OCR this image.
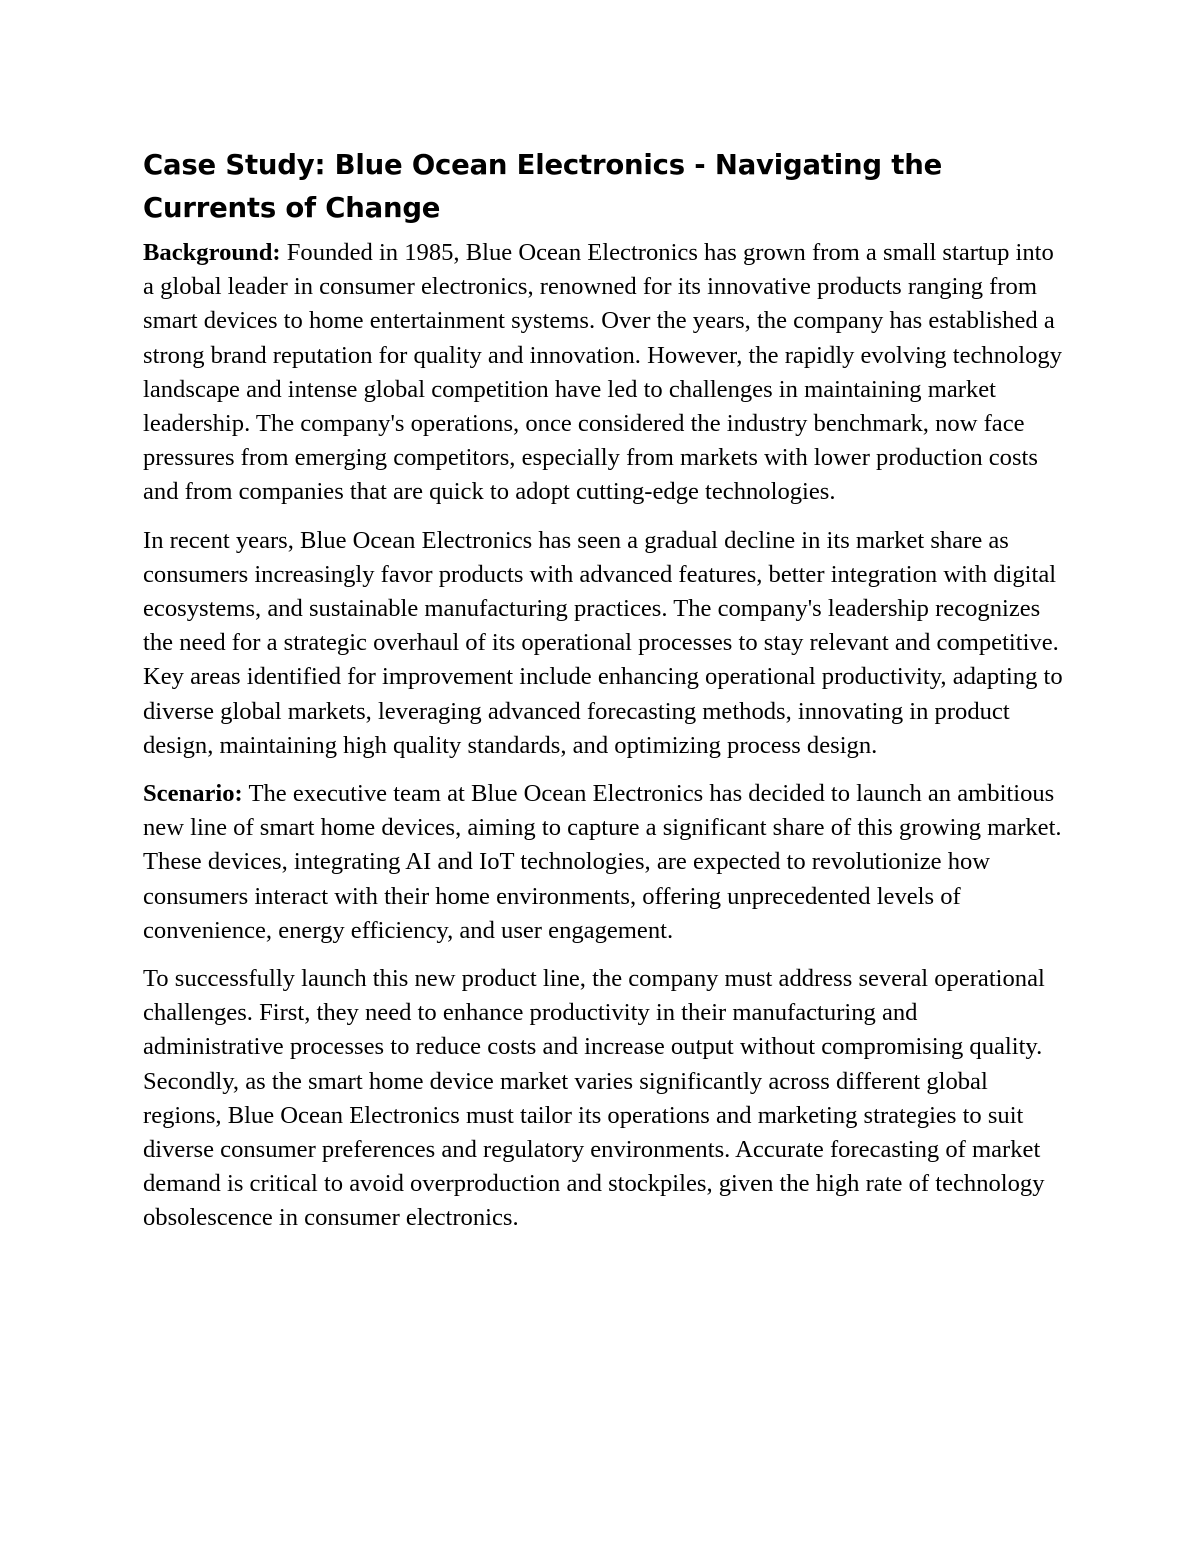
Case Study: Blue Ocean Electronics - Navigating the Currents of Change

Background: Founded in 1985, Blue Ocean Electronics has grown from a small startup into a global leader in consumer electronics, renowned for its innovative products ranging from smart devices to home entertainment systems. Over the years, the company has established a strong brand reputation for quality and innovation. However, the rapidly evolving technology landscape and intense global competition have led to challenges in maintaining market leadership. The company's operations, once considered the industry benchmark, now face pressures from emerging competitors, especially from markets with lower production costs and from companies that are quick to adopt cutting-edge technologies.

In recent years, Blue Ocean Electronics has seen a gradual decline in its market share as consumers increasingly favor products with advanced features, better integration with digital ecosystems, and sustainable manufacturing practices. The company's leadership recognizes the need for a strategic overhaul of its operational processes to stay relevant and competitive. Key areas identified for improvement include enhancing operational productivity, adapting to diverse global markets, leveraging advanced forecasting methods, innovating in product design, maintaining high quality standards, and optimizing process design.

Scenario: The executive team at Blue Ocean Electronics has decided to launch an ambitious new line of smart home devices, aiming to capture a significant share of this growing market. These devices, integrating AI and IoT technologies, are expected to revolutionize how consumers interact with their home environments, offering unprecedented levels of convenience, energy efficiency, and user engagement.

To successfully launch this new product line, the company must address several operational challenges. First, they need to enhance productivity in their manufacturing and administrative processes to reduce costs and increase output without compromising quality. Secondly, as the smart home device market varies significantly across different global regions, Blue Ocean Electronics must tailor its operations and marketing strategies to suit diverse consumer preferences and regulatory environments. Accurate forecasting of market demand is critical to avoid overproduction and stockpiles, given the high rate of technology obsolescence in consumer electronics.
